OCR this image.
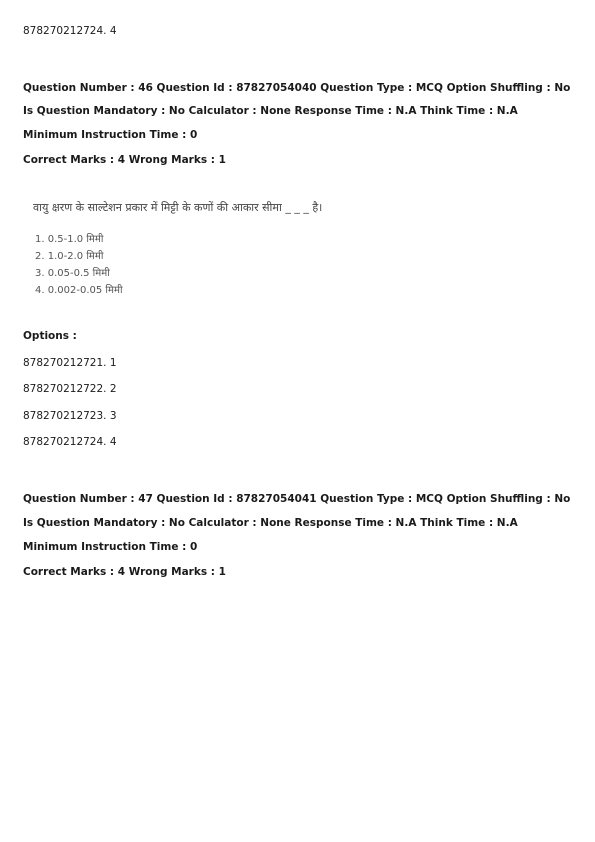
878270212724. 4
Question Number : 46 Question Id : 87827054040 Question Type : MCQ Option Shuffling : No
Is Question Mandatory : No Calculator : None Response Time : N.A Think Time : N.A
Minimum Instruction Time : 0
Correct Marks : 4 Wrong Marks : 1
वायु क्षरण के साल्टेशन प्रकार में मिट्टी के कणों की आकार सीमा _ _ _ है।
1. 0.5-1.0 मिमी
2. 1.0-2.0 मिमी
3. 0.05-0.5 मिमी
4. 0.002-0.05 मिमी
Options :
878270212721. 1
878270212722. 2
878270212723. 3
878270212724. 4
Question Number : 47 Question Id : 87827054041 Question Type : MCQ Option Shuffling : No
Is Question Mandatory : No Calculator : None Response Time : N.A Think Time : N.A
Minimum Instruction Time : 0
Correct Marks : 4 Wrong Marks : 1
